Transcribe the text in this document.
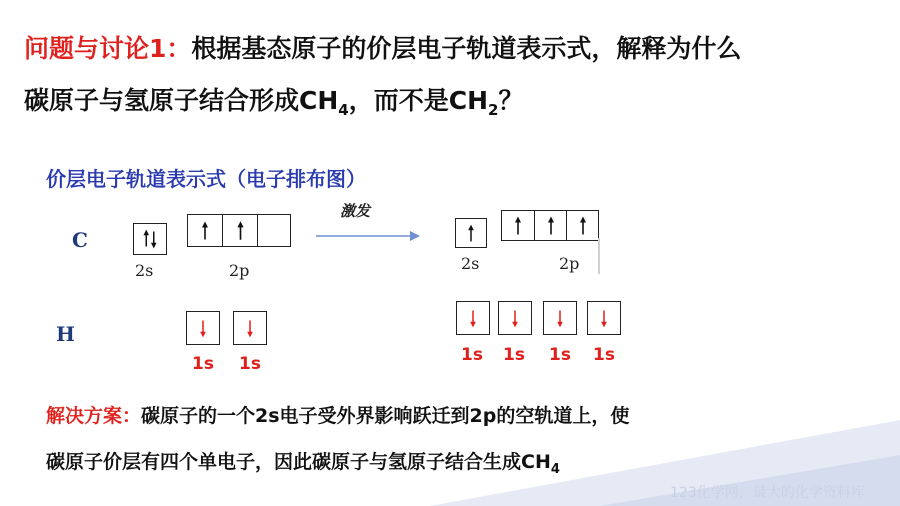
问题与讨论1：根据基态原子的价层电子轨道表示式，解释为什么
碳原子与氢原子结合形成$CH_4$，而不是$CH_2$？
价层电子轨道表示式（电子排布图）
C
H
2s	2p
激发
2s	2p
1s 1s	1s 1s 1s 1s
解决方案：碳原子的一个2s电子受外界影响跃迁到2p的空轨道上，使
碳原子价层有四个单电子，因此碳原子与氢原子结合生成$CH_4$
123化学网，最大的化学资料库
